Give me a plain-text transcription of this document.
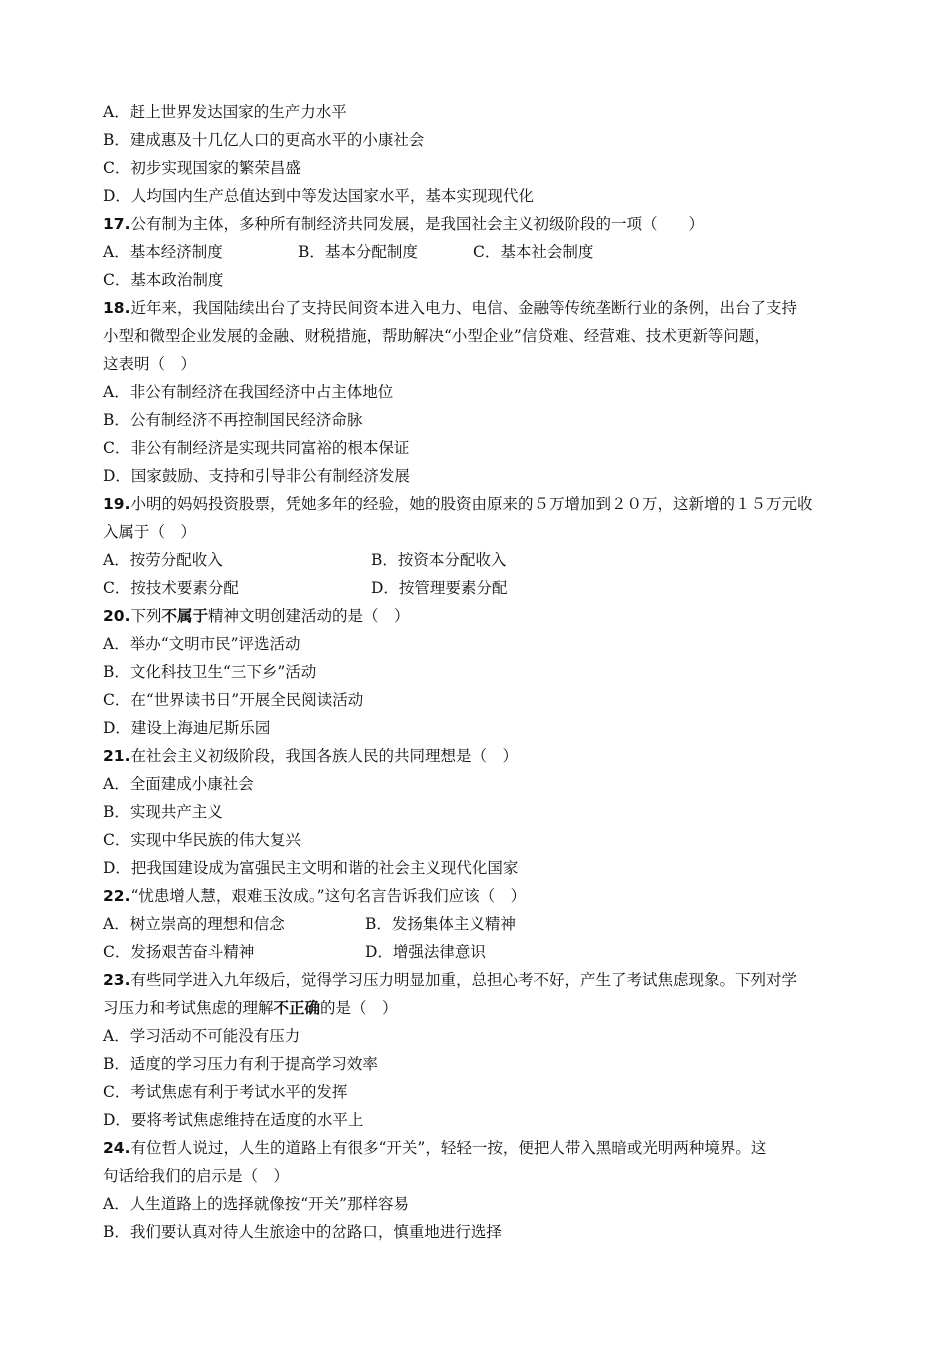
A．赶上世界发达国家的生产力水平
B．建成惠及十几亿人口的更高水平的小康社会
C．初步实现国家的繁荣昌盛
D．人均国内生产总值达到中等发达国家水平，基本实现现代化
17.公有制为主体，多种所有制经济共同发展，是我国社会主义初级阶段的一项（　　）
A．基本经济制度	B．基本分配制度	C．基本社会制度
C．基本政治制度
18.近年来，我国陆续出台了支持民间资本进入电力、电信、金融等传统垄断行业的条例，出台了支持
小型和微型企业发展的金融、财税措施，帮助解决“小型企业”信贷难、经营难、技术更新等问题，
这表明（　）
A．非公有制经济在我国经济中占主体地位
B．公有制经济不再控制国民经济命脉
C．非公有制经济是实现共同富裕的根本保证
D．国家鼓励、支持和引导非公有制经济发展
19.小明的妈妈投资股票，凭她多年的经验，她的股资由原来的５万增加到２０万，这新增的１５万元收
入属于（　）
A．按劳分配收入	B．按资本分配收入
C．按技术要素分配	D．按管理要素分配
20.下列不属于精神文明创建活动的是（　）
A．举办“文明市民”评选活动
B．文化科技卫生“三下乡”活动
C．在“世界读书日”开展全民阅读活动
D．建设上海迪尼斯乐园
21.在社会主义初级阶段，我国各族人民的共同理想是（　）
A．全面建成小康社会
B．实现共产主义
C．实现中华民族的伟大复兴
D．把我国建设成为富强民主文明和谐的社会主义现代化国家
22.“忧患增人慧，艰难玉汝成。”这句名言告诉我们应该（　）
A．树立崇高的理想和信念	B．发扬集体主义精神
C．发扬艰苦奋斗精神	D．增强法律意识
23.有些同学进入九年级后，觉得学习压力明显加重，总担心考不好，产生了考试焦虑现象。下列对学
习压力和考试焦虑的理解不正确的是（　）
A．学习活动不可能没有压力
B．适度的学习压力有利于提高学习效率
C．考试焦虑有利于考试水平的发挥
D．要将考试焦虑维持在适度的水平上
24.有位哲人说过，人生的道路上有很多“开关”，轻轻一按，便把人带入黑暗或光明两种境界。这
句话给我们的启示是（　）
A．人生道路上的选择就像按“开关”那样容易
B．我们要认真对待人生旅途中的岔路口，慎重地进行选择
